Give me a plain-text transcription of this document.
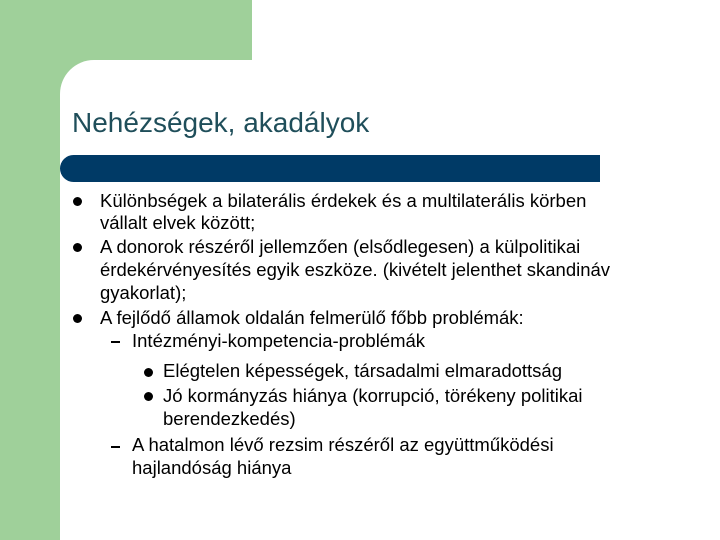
Nehézségek, akadályok
Különbségek a bilaterális érdekek és a multilaterális körben
vállalt elvek között;
A donorok részéről jellemzően (elsődlegesen) a külpolitikai
érdekérvényesítés egyik eszköze. (kivételt jelenthet skandináv
gyakorlat);
A fejlődő államok oldalán felmerülő főbb problémák:
Intézményi-kompetencia-problémák
Elégtelen képességek, társadalmi elmaradottság
Jó kormányzás hiánya (korrupció, törékeny politikai
berendezkedés)
A hatalmon lévő rezsim részéről az együttműködési
hajlandóság hiánya
